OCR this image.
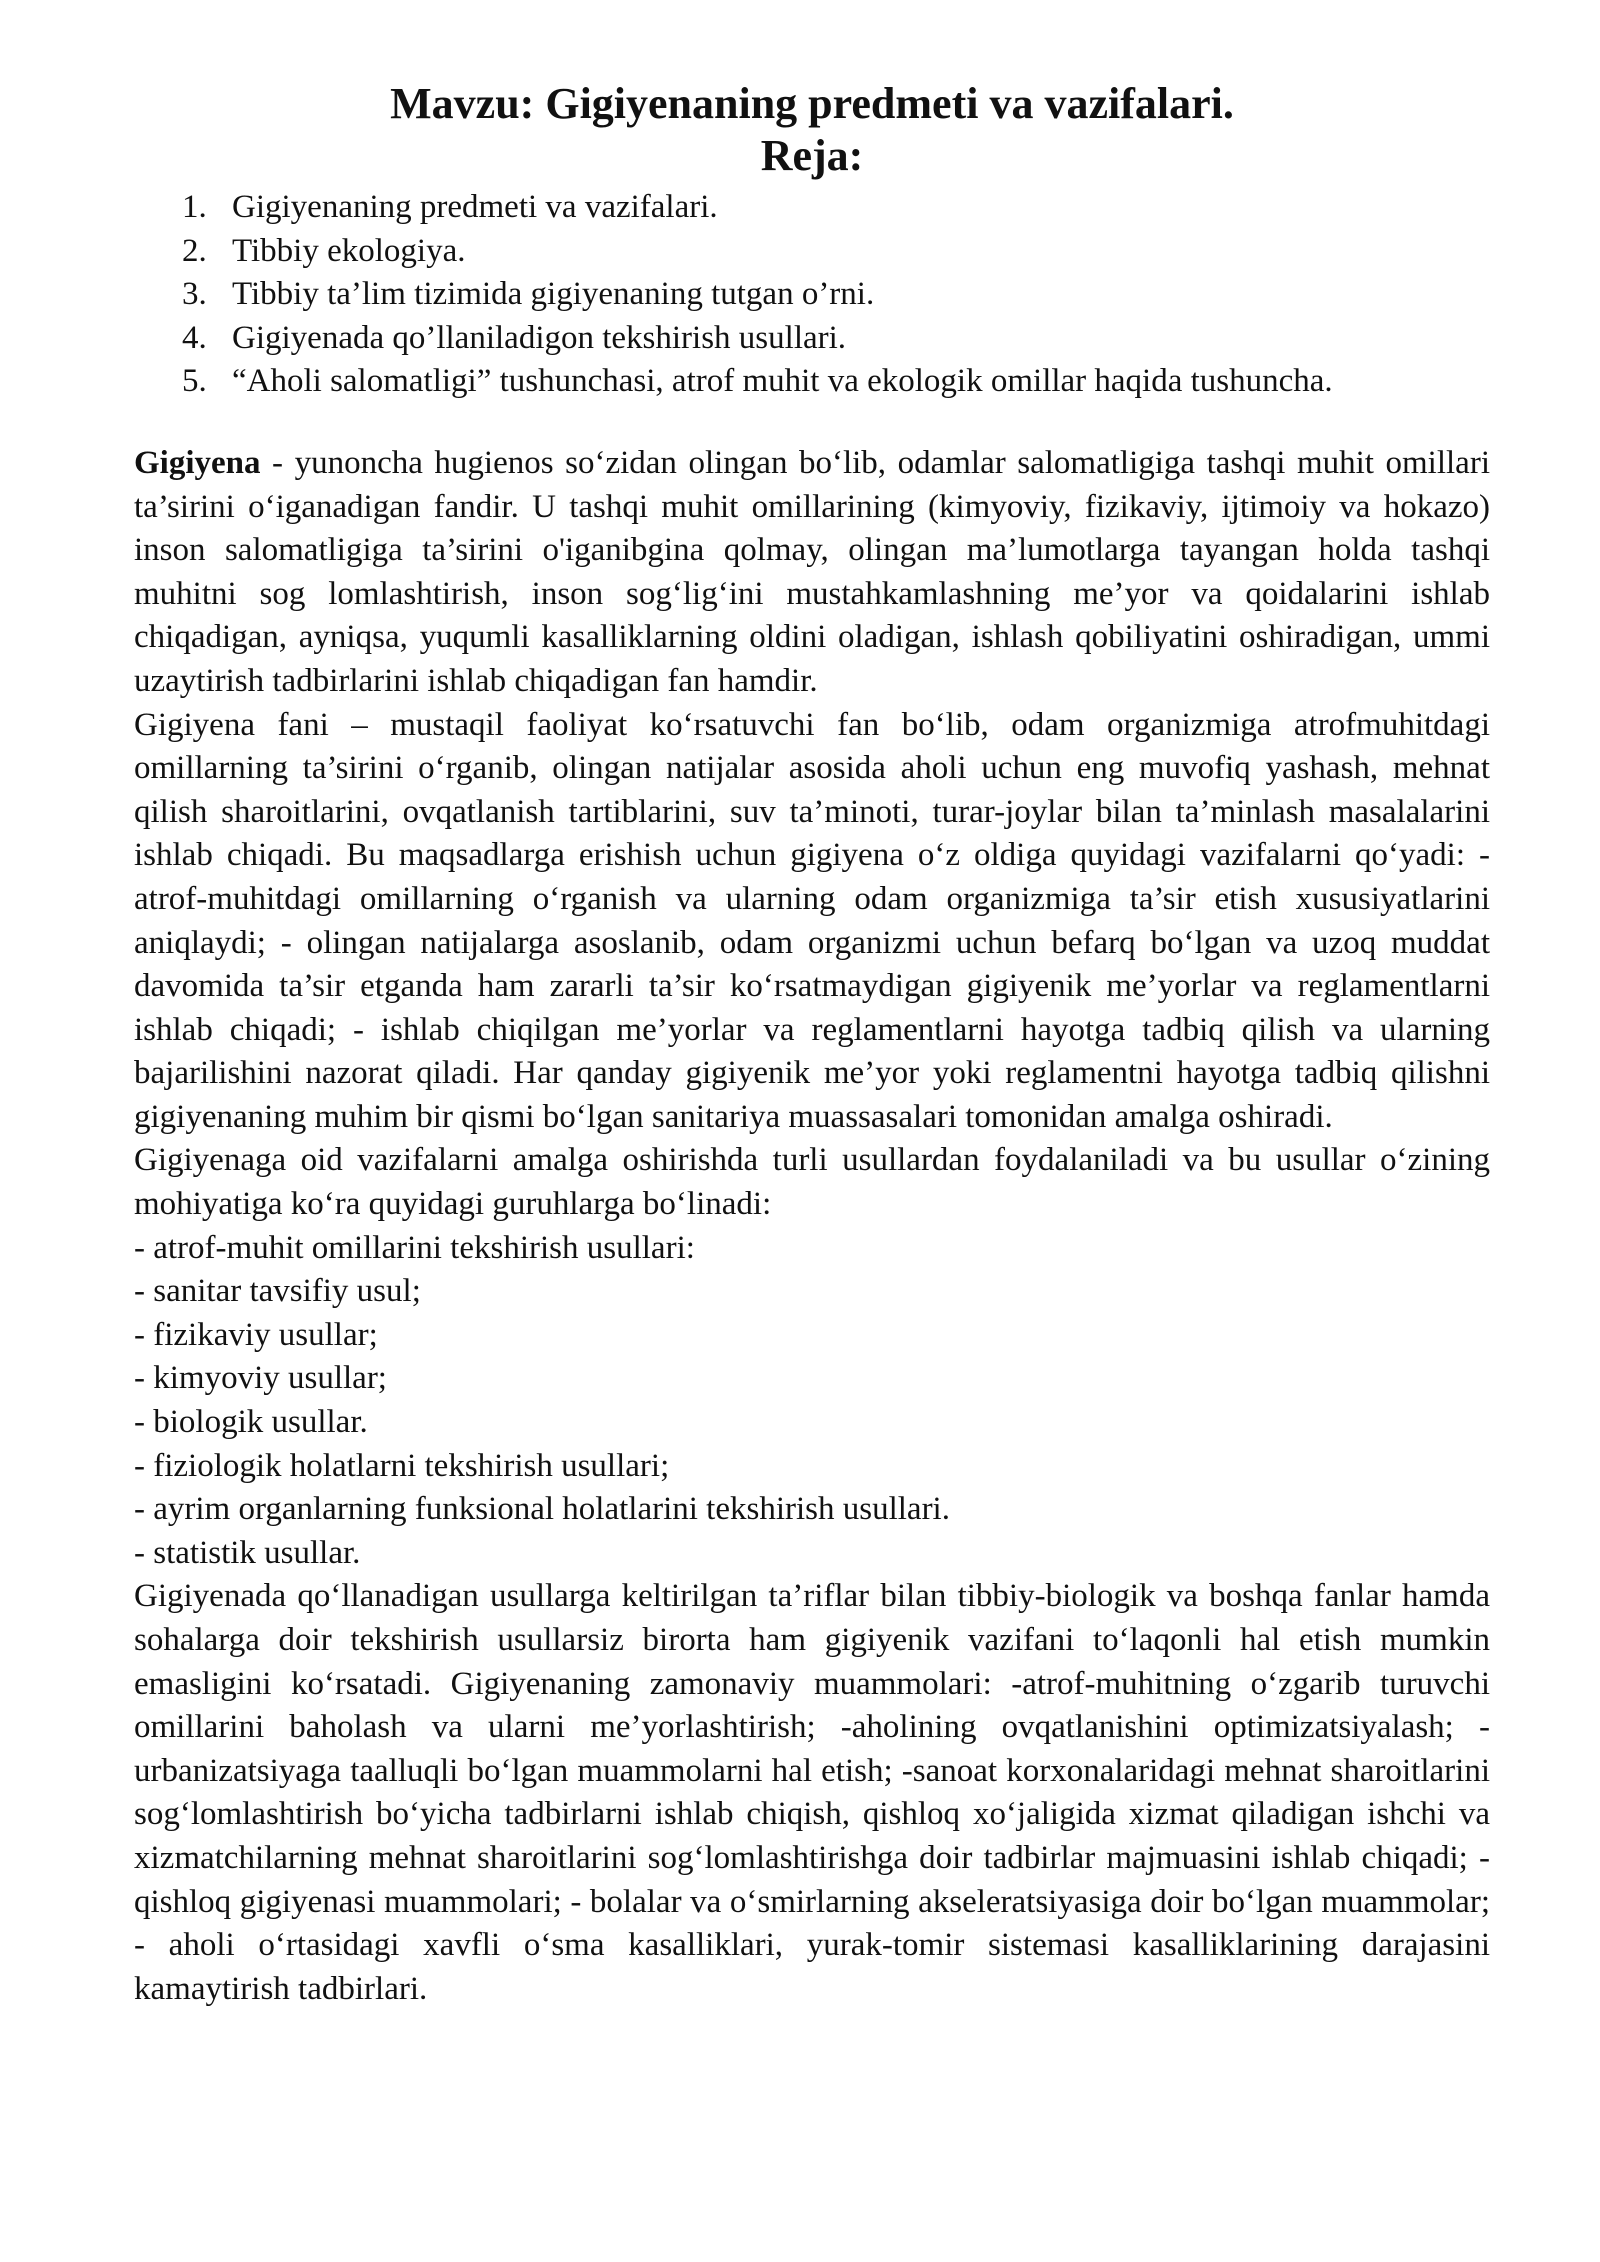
Mavzu: Gigiyenaning predmeti va vazifalari.
Reja:
1. Gigiyenaning predmeti va vazifalari.
2. Tibbiy ekologiya.
3. Tibbiy ta’lim tizimida gigiyenaning tutgan o’rni.
4. Gigiyenada qo’llaniladigon tekshirish usullari.
5. “Aholi salomatligi” tushunchasi, atrof muhit va ekologik omillar haqida tushuncha.

Gigiyena - yunoncha hugienos so‘zidan olingan bo‘lib, odamlar salomatligiga tashqi muhit omillari ta’sirini o‘iganadigan fandir. U tashqi muhit omillarining (kimyoviy, fizikaviy, ijtimoiy va hokazo) inson salomatligiga ta’sirini o'iganibgina qolmay, olingan ma’lumotlarga tayangan holda tashqi muhitni sog lomlashtirish, inson sog‘lig‘ini mustahkamlashning me’yor va qoidalarini ishlab chiqadigan, ayniqsa, yuqumli kasalliklarning oldini oladigan, ishlash qobiliyatini oshiradigan, ummi uzaytirish tadbirlarini ishlab chiqadigan fan hamdir.

Gigiyena fani – mustaqil faoliyat ko‘rsatuvchi fan bo‘lib, odam organizmiga atrofmuhitdagi omillarning ta’sirini o‘rganib, olingan natijalar asosida aholi uchun eng muvofiq yashash, mehnat qilish sharoitlarini, ovqatlanish tartiblarini, suv ta’minoti, turar-joylar bilan ta’minlash masalalarini ishlab chiqadi. Bu maqsadlarga erishish uchun gigiyena o‘z oldiga quyidagi vazifalarni qo‘yadi: - atrof-muhitdagi omillarning o‘rganish va ularning odam organizmiga ta’sir etish xususiyatlarini aniqlaydi; - olingan natijalarga asoslanib, odam organizmi uchun befarq bo‘lgan va uzoq muddat davomida ta’sir etganda ham zararli ta’sir ko‘rsatmaydigan gigiyenik me’yorlar va reglamentlarni ishlab chiqadi; - ishlab chiqilgan me’yorlar va reglamentlarni hayotga tadbiq qilish va ularning bajarilishini nazorat qiladi. Har qanday gigiyenik me’yor yoki reglamentni hayotga tadbiq qilishni gigiyenaning muhim bir qismi bo‘lgan sanitariya muassasalari tomonidan amalga oshiradi.

Gigiyenaga oid vazifalarni amalga oshirishda turli usullardan foydalaniladi va bu usullar o‘zining mohiyatiga ko‘ra quyidagi guruhlarga bo‘linadi:

- atrof-muhit omillarini tekshirish usullari:

- sanitar tavsifiy usul;

- fizikaviy usullar;

- kimyoviy usullar;

- biologik usullar.

- fiziologik holatlarni tekshirish usullari;

- ayrim organlarning funksional holatlarini tekshirish usullari.

- statistik usullar.

Gigiyenada qo‘llanadigan usullarga keltirilgan ta’riflar bilan tibbiy-biologik va boshqa fanlar hamda sohalarga doir tekshirish usullarsiz birorta ham gigiyenik vazifani to‘laqonli hal etish mumkin emasligini ko‘rsatadi. Gigiyenaning zamonaviy muammolari: -atrof-muhitning o‘zgarib turuvchi omillarini baholash va ularni me’yorlashtirish; -aholining ovqatlanishini optimizatsiyalash; -urbanizatsiyaga taalluqli bo‘lgan muammolarni hal etish; -sanoat korxonalaridagi mehnat sharoitlarini sog‘lomlashtirish bo‘yicha tadbirlarni ishlab chiqish, qishloq xo‘jaligida xizmat qiladigan ishchi va xizmatchilarning mehnat sharoitlarini sog‘lomlashtirishga doir tadbirlar majmuasini ishlab chiqadi; -qishloq gigiyenasi muammolari; - bolalar va o‘smirlarning akseleratsiyasiga doir bo‘lgan muammolar; - aholi o‘rtasidagi xavfli o‘sma kasalliklari, yurak-tomir sistemasi kasalliklarining darajasini kamaytirish tadbirlari.
